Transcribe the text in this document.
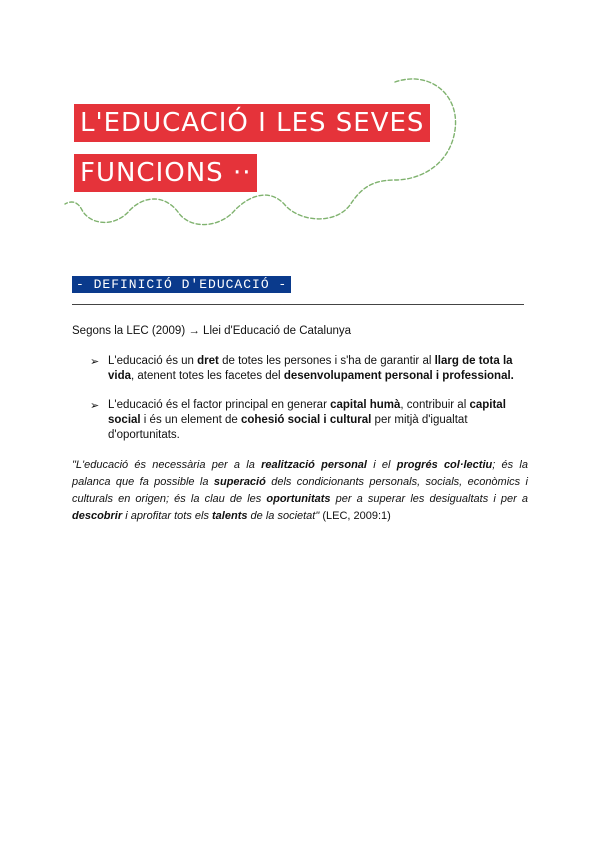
L'EDUCACIÓ I LES SEVES
FUNCIONS ··
- DEFINICIÓ D'EDUCACIÓ -
Segons la LEC (2009) → Llei d'Educació de Catalunya
➢ L'educació és un dret de totes les persones i s'ha de garantir al llarg de tota la vida, atenent totes les facetes del desenvolupament personal i professional.
➢ L'educació és el factor principal en generar capital humà, contribuir al capital social i és un element de cohesió social i cultural per mitjà d'igualtat d'oportunitats.
"L'educació és necessària per a la realització personal i el progrés col·lectiu; és la palanca que fa possible la superació dels condicionants personals, socials, econòmics i culturals en origen; és la clau de les oportunitats per a superar les desigualtats i per a descobrir i aprofitar tots els talents de la societat" (LEC, 2009:1)
